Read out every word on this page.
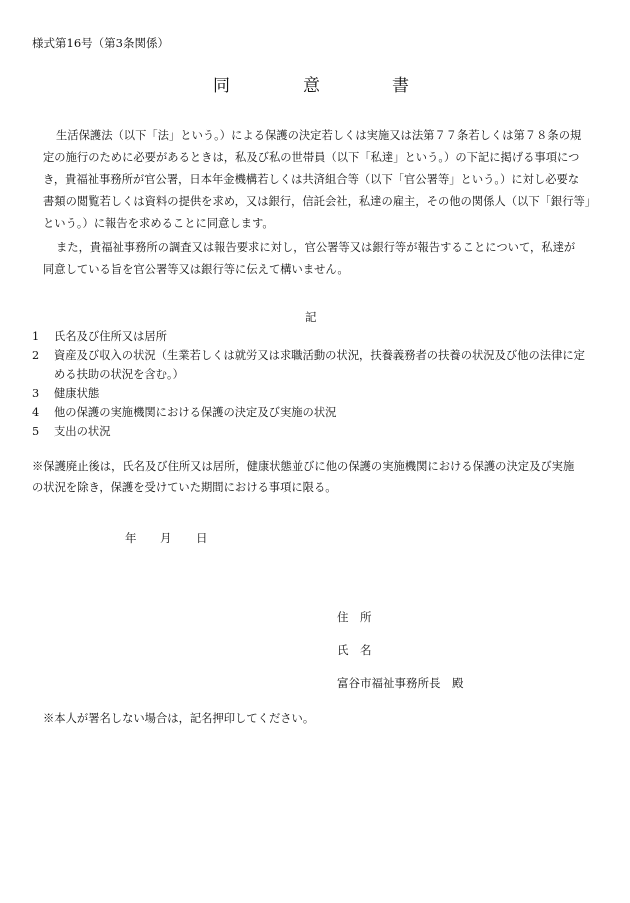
様式第16号（第3条関係）
同	意	書
生活保護法（以下「法」という。）による保護の決定若しくは実施又は法第７７条若しくは第７８条の規
定の施行のために必要があるときは，私及び私の世帯員（以下「私達」という。）の下記に掲げる事項につ
き，貴福祉事務所が官公署，日本年金機構若しくは共済組合等（以下「官公署等」という。）に対し必要な
書類の閲覧若しくは資料の提供を求め，又は銀行，信託会社，私達の雇主，その他の関係人（以下「銀行等」
という。）に報告を求めることに同意します。
また，貴福祉事務所の調査又は報告要求に対し，官公署等又は銀行等が報告することについて，私達が
同意している旨を官公署等又は銀行等に伝えて構いません。
記
1	氏名及び住所又は居所
2	資産及び収入の状況（生業若しくは就労又は求職活動の状況，扶養義務者の扶養の状況及び他の法律に定
める扶助の状況を含む。）
3	健康状態
4	他の保護の実施機関における保護の決定及び実施の状況
5	支出の状況
※保護廃止後は，氏名及び住所又は居所，健康状態並びに他の保護の実施機関における保護の決定及び実施
の状況を除き，保護を受けていた期間における事項に限る。
年 月 日
住　所
氏　名
富谷市福祉事務所長　殿
※本人が署名しない場合は，記名押印してください。
